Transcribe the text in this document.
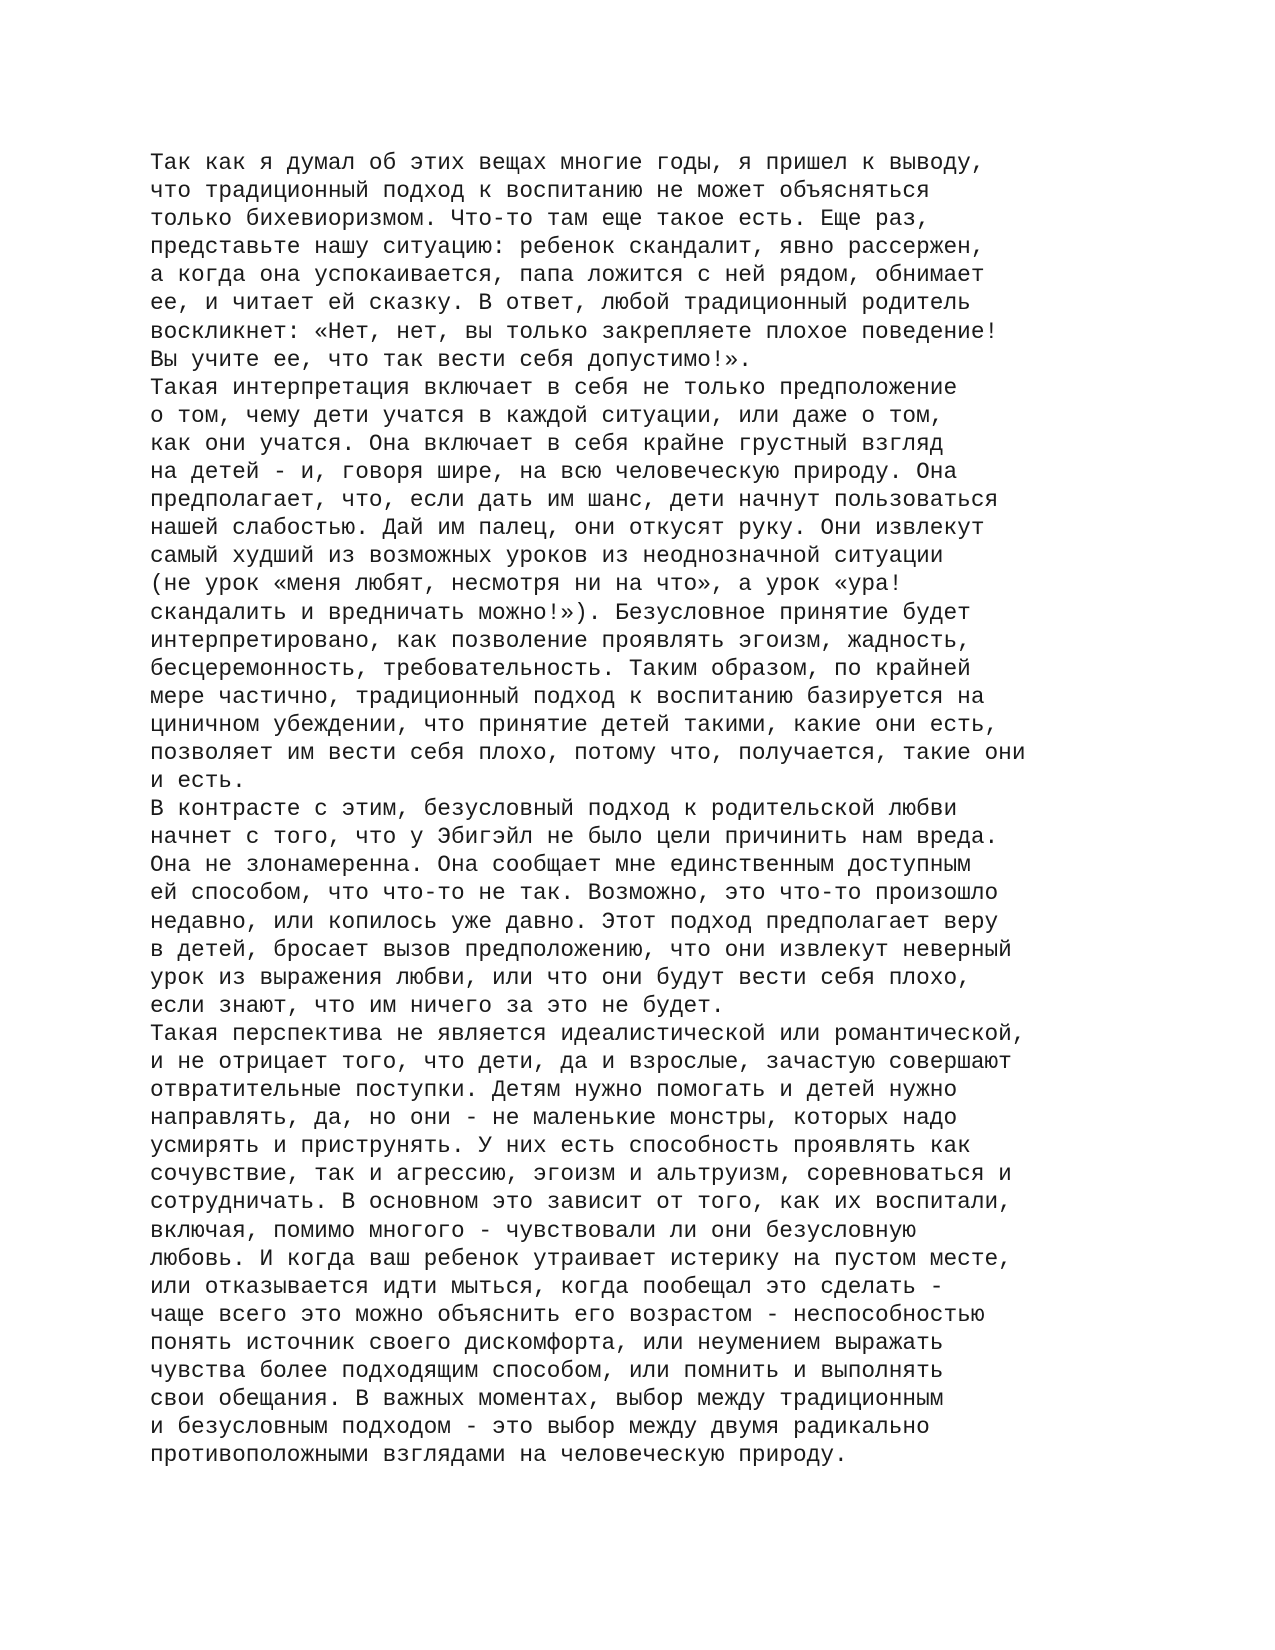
Так как я думал об этих вещах многие годы, я пришел к выводу,
что традиционный подход к воспитанию не может объясняться
только бихевиоризмом. Что-то там еще такое есть. Еще раз,
представьте нашу ситуацию: ребенок скандалит, явно рассержен,
а когда она успокаивается, папа ложится с ней рядом, обнимает
ее, и читает ей сказку. В ответ, любой традиционный родитель
воскликнет: «Нет, нет, вы только закрепляете плохое поведение!
Вы учите ее, что так вести себя допустимо!».
Такая интерпретация включает в себя не только предположение
о том, чему дети учатся в каждой ситуации, или даже о том,
как они учатся. Она включает в себя крайне грустный взгляд
на детей - и, говоря шире, на всю человеческую природу. Она
предполагает, что, если дать им шанс, дети начнут пользоваться
нашей слабостью. Дай им палец, они откусят руку. Они извлекут
самый худший из возможных уроков из неоднозначной ситуации
(не урок «меня любят, несмотря ни на что», а урок «ура!
скандалить и вредничать можно!»). Безусловное принятие будет
интерпретировано, как позволение проявлять эгоизм, жадность,
бесцеремонность, требовательность. Таким образом, по крайней
мере частично, традиционный подход к воспитанию базируется на
циничном убеждении, что принятие детей такими, какие они есть,
позволяет им вести себя плохо, потому что, получается, такие они
и есть.
В контрасте с этим, безусловный подход к родительской любви
начнет с того, что у Эбигэйл не было цели причинить нам вреда.
Она не злонамеренна. Она сообщает мне единственным доступным
ей способом, что что-то не так. Возможно, это что-то произошло
недавно, или копилось уже давно. Этот подход предполагает веру
в детей, бросает вызов предположению, что они извлекут неверный
урок из выражения любви, или что они будут вести себя плохо,
если знают, что им ничего за это не будет.
Такая перспектива не является идеалистической или романтической,
и не отрицает того, что дети, да и взрослые, зачастую совершают
отвратительные поступки. Детям нужно помогать и детей нужно
направлять, да, но они - не маленькие монстры, которых надо
усмирять и приструнять. У них есть способность проявлять как
сочувствие, так и агрессию, эгоизм и альтруизм, соревноваться и
сотрудничать. В основном это зависит от того, как их воспитали,
включая, помимо многого - чувствовали ли они безусловную
любовь. И когда ваш ребенок утраивает истерику на пустом месте,
или отказывается идти мыться, когда пообещал это сделать -
чаще всего это можно объяснить его возрастом - неспособностью
понять источник своего дискомфорта, или неумением выражать
чувства более подходящим способом, или помнить и выполнять
свои обещания. В важных моментах, выбор между традиционным
и безусловным подходом - это выбор между двумя радикально
противоположными взглядами на человеческую природу.
